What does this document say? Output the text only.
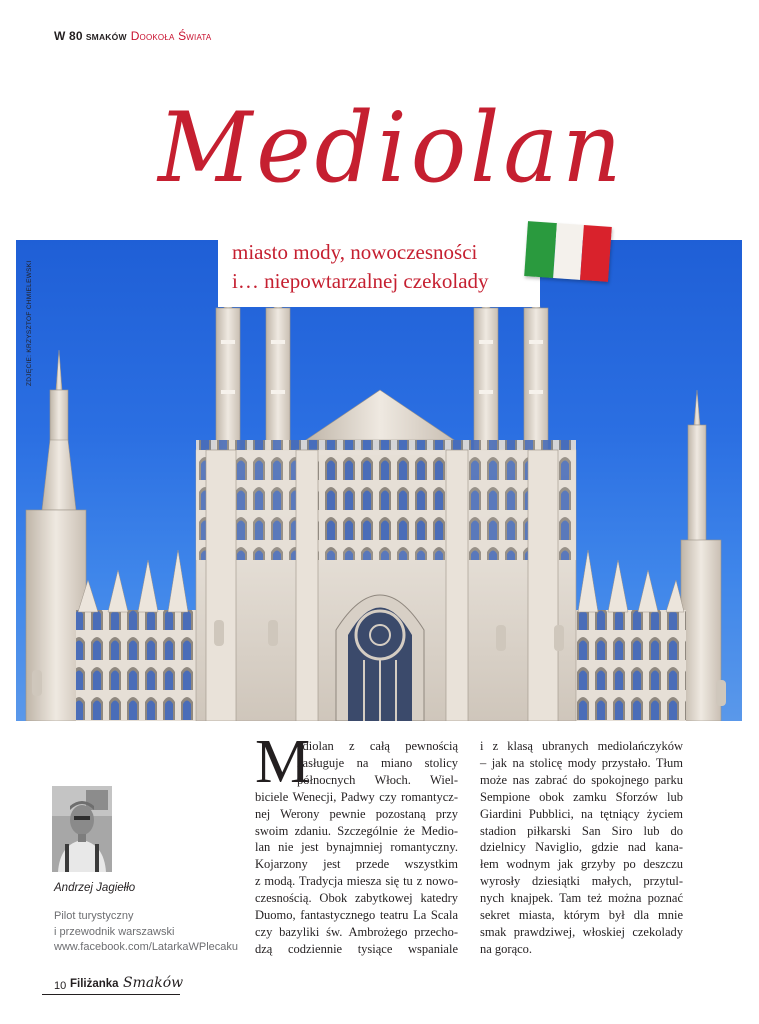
W 80 SMAKÓW Dookoła Świata
Mediolan
miasto mody, nowoczesności
i… niepowtarzalnej czekolady
ZDJĘCIE: KRZYSZTOF CHMIELEWSKI
Andrzej Jagiełło
Pilot turystyczny
i przewodnik warszawski
www.facebook.com/LatarkaWPlecaku
M
ediolan z całą pewnością
zasługuje na miano stolicy
północnych Włoch. Wiel-
biciele Wenecji, Padwy czy romantycz-
nej Werony pewnie pozostaną przy
swoim zdaniu. Szczególnie że Medio-
lan nie jest bynajmniej romantyczny.
Kojarzony jest przede wszystkim
z modą. Tradycja miesza się tu z nowo-
czesnością. Obok zabytkowej katedry
Duomo, fantastycznego teatru La Scala
czy bazyliki św. Ambrożego przecho-
dzą codziennie tysiące wspaniale
i z klasą ubranych mediolańczyków
– jak na stolicę mody przystało. Tłum
może nas zabrać do spokojnego parku
Sempione obok zamku Sforzów lub
Giardini Pubblici, na tętniący życiem
stadion piłkarski San Siro lub do
dzielnicy Naviglio, gdzie nad kana-
łem wodnym jak grzyby po deszczu
wyrosły dziesiątki małych, przytul-
nych knajpek. Tam też można poznać
sekret miasta, którym był dla mnie
smak prawdziwej, włoskiej czekolady
na gorąco.
10 Filiżanka Smaków
